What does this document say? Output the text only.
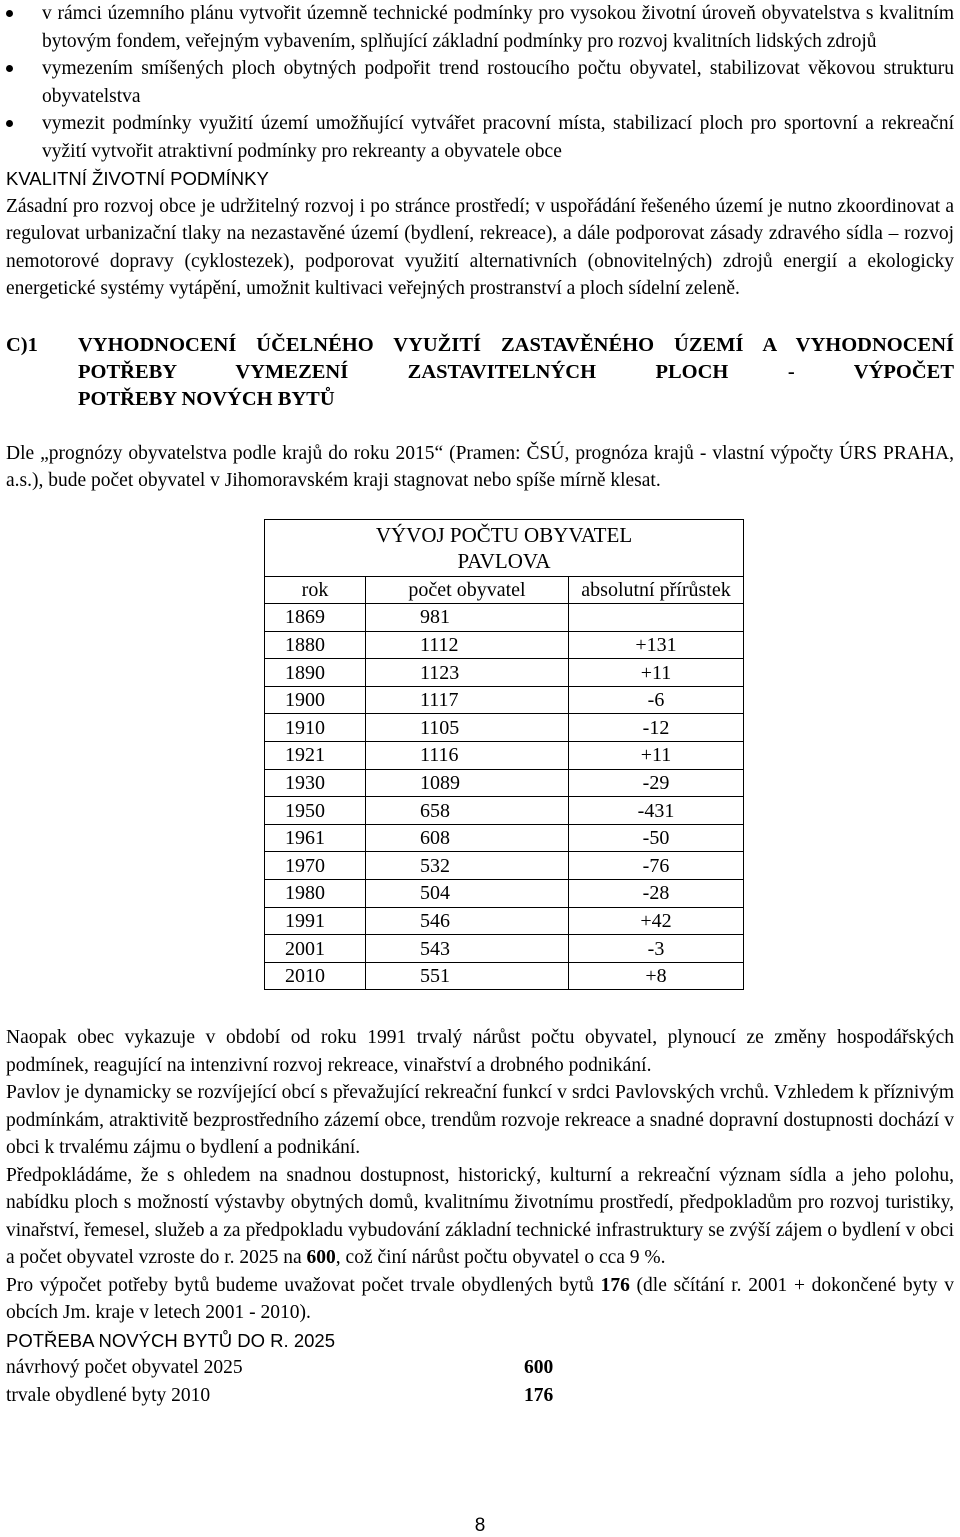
v rámci územního plánu vytvořit územně technické podmínky pro vysokou životní úroveň obyvatelstva s kvalitním bytovým fondem, veřejným vybavením, splňující základní podmínky pro rozvoj kvalitních lidských zdrojů
vymezením smíšených ploch obytných podpořit trend rostoucího počtu obyvatel, stabilizovat věkovou strukturu obyvatelstva
vymezit podmínky využití území umožňující vytvářet pracovní místa, stabilizací ploch pro sportovní a rekreační vyžití vytvořit atraktivní podmínky pro rekreanty a obyvatele obce
KVALITNÍ ŽIVOTNÍ PODMÍNKY

Zásadní pro rozvoj obce je udržitelný rozvoj i po stránce prostředí; v uspořádání řešeného území je nutno zkoordinovat a regulovat urbanizační tlaky na nezastavěné území (bydlení, rekreace), a dále podporovat zásady zdravého sídla – rozvoj nemotorové dopravy (cyklostezek), podporovat využití alternativních (obnovitelných) zdrojů energií a ekologicky energetické systémy vytápění, umožnit kultivaci veřejných prostranství a ploch sídelní zeleně.

C)1	VYHODNOCENÍ ÚČELNÉHO VYUŽITÍ ZASTAVĚNÉHO ÚZEMÍ A VYHODNOCENÍ POTŘEBY VYMEZENÍ ZASTAVITELNÝCH PLOCH - VÝPOČET
POTŘEBY NOVÝCH BYTŮ

Dle „prognózy obyvatelstva podle krajů do roku 2015“ (Pramen: ČSÚ, prognóza krajů - vlastní výpočty ÚRS PRAHA, a.s.), bude počet obyvatel v Jihomoravském kraji stagnovat nebo spíše mírně klesat.

VÝVOJ POČTU OBYVATEL
PAVLOVA		

rok	počet obyvatel	absolutní přírůstek
1869	981	
1880	1112	+131
1890	1123	+11
1900	1117	-6
1910	1105	-12
1921	1116	+11
1930	1089	-29
1950	658	-431
1961	608	-50
1970	532	-76
1980	504	-28
1991	546	+42
2001	543	-3
2010	551	+8

Naopak obec vykazuje v období od roku 1991 trvalý nárůst počtu obyvatel, plynoucí ze změny hospodářských podmínek, reagující na intenzivní rozvoj rekreace, vinařství a drobného podnikání.

Pavlov je dynamicky se rozvíjející obcí s převažující rekreační funkcí v srdci Pavlovských vrchů. Vzhledem k příznivým podmínkám, atraktivitě bezprostředního zázemí obce, trendům rozvoje rekreace a snadné dopravní dostupnosti dochází v obci k trvalému zájmu o bydlení a podnikání.

Předpokládáme, že s ohledem na snadnou dostupnost, historický, kulturní a rekreační význam sídla a jeho polohu, nabídku ploch s možností výstavby obytných domů, kvalitnímu životnímu prostředí, předpokladům pro rozvoj turistiky, vinařství, řemesel, služeb a za předpokladu vybudování základní technické infrastruktury se zvýší zájem o bydlení v obci a počet obyvatel vzroste do r. 2025 na 600, což činí nárůst počtu obyvatel o cca 9 %.

Pro výpočet potřeby bytů budeme uvažovat počet trvale obydlených bytů 176 (dle sčítání r. 2001 + dokončené byty v obcích Jm. kraje v letech 2001 - 2010).

POTŘEBA NOVÝCH BYTŮ DO R. 2025
návrhový počet obyvatel 2025	600
trvale obydlené byty 2010	176
8
